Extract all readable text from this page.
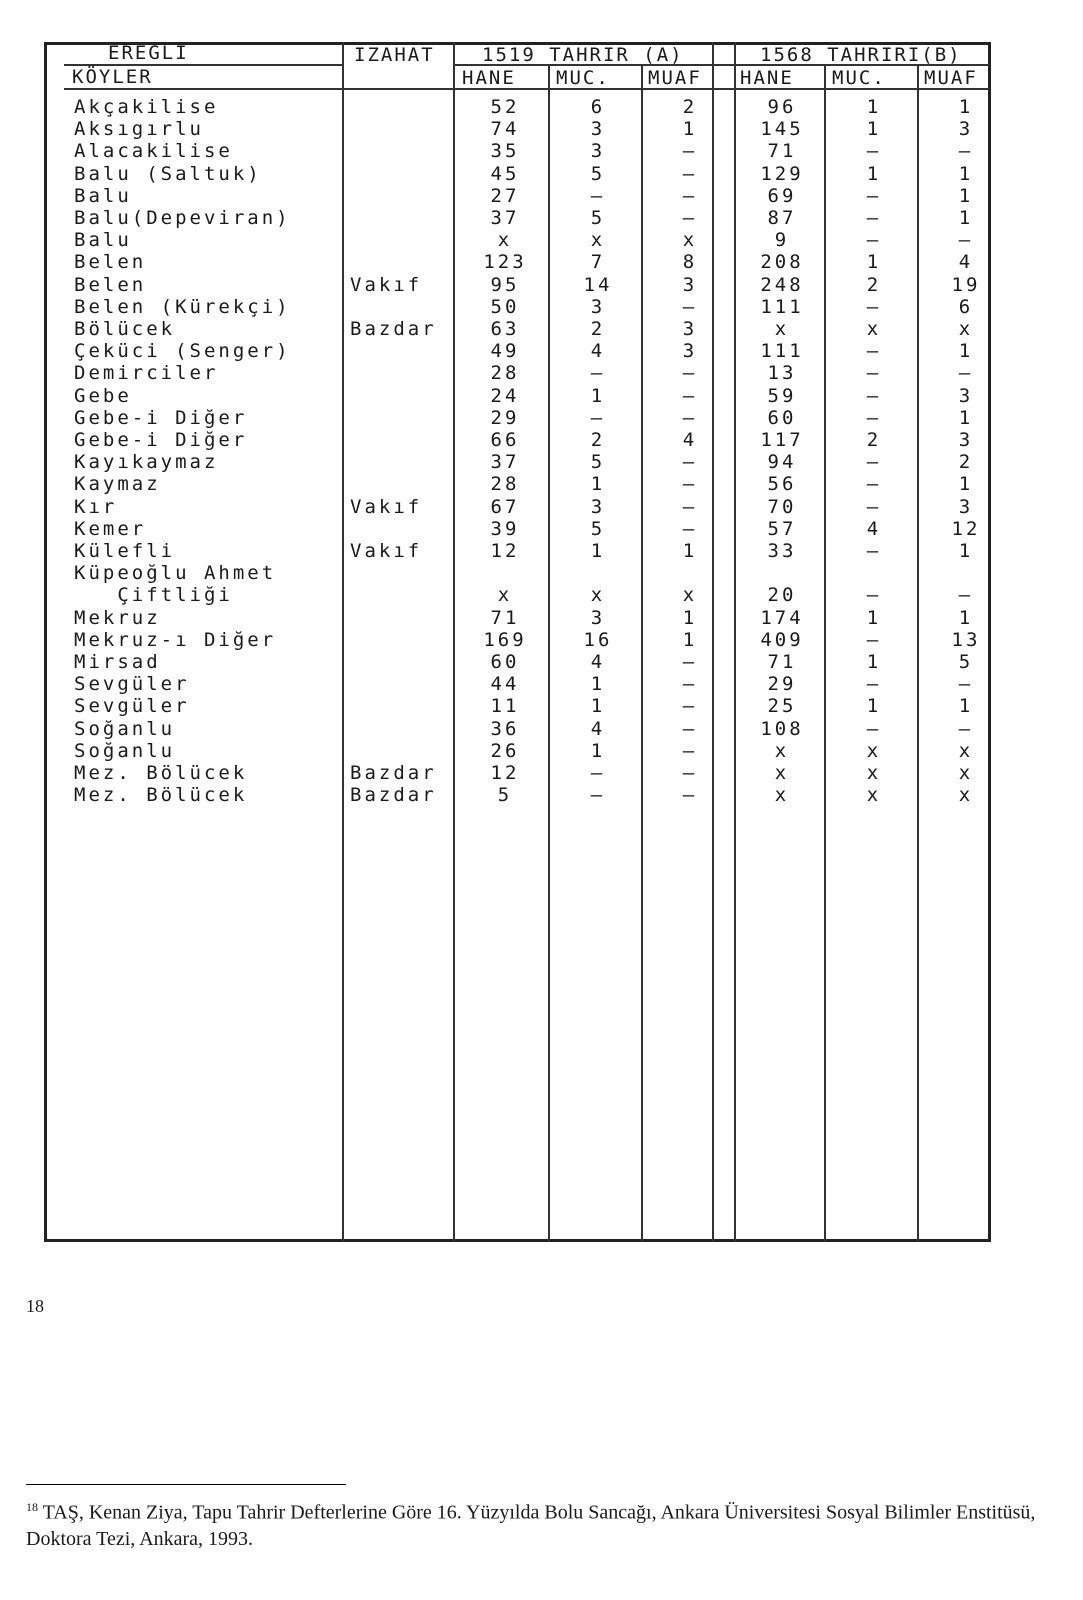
EREGLI
KÖYLER
IZAHAT 1519 TAHRIR (A)	1568 TAHRIRI(B)
HANE MUC. MUAF HANE MUC. MUAF
Akçakilise	52	6	2	96	1	1
Aksıgırlu	74	3	1	145	1	3
Alacakilise	35	3	–	71	–	–
Balu (Saltuk)	45	5	–	129	1	1
Balu	27	–	–	69	–	1
Balu(Depeviran)	37	5	–	87	–	1
Balu	x	x	x	9	–	–
Belen	123	7	8	208	1	4
Belen	Vakıf	95	14	3	248	2	19
Belen (Kürekçi)	50	3	–	111	–	6
Bölücek	Bazdar	63	2	3	x	x	x
Çeküci (Senger)	49	4	3	111	–	1
Demirciler	28	–	–	13	–	–
Gebe	24	1	–	59	–	3
Gebe-i Diğer	29	–	–	60	–	1
Gebe-i Diğer	66	2	4	117	2	3
Kayıkaymaz	37	5	–	94	–	2
Kaymaz	28	1	–	56	–	1
Kır	Vakıf	67	3	–	70	–	3
Kemer	39	5	–	57	4	12
Külefli	Vakıf	12	1	1	33	–	1
Küpeoğlu Ahmet
Çiftliği	x	x	x	20	–	–
Mekruz	71	3	1	174	1	1
Mekruz-ı Diğer	169	16	1	409	–	13
Mirsad	60	4	–	71	1	5
Sevgüler	44	1	–	29	–	–
Sevgüler	11	1	–	25	1	1
Soğanlu	36	4	–	108	–	–
Soğanlu	26	1	–	x	x	x
Mez. Bölücek	Bazdar	12	–	–	x	x	x
Mez. Bölücek	Bazdar	5	–	–	x	x	x
18
$^{18}$ TAŞ, Kenan Ziya, Tapu Tahrir Defterlerine Göre 16. Yüzyılda Bolu Sancağı, Ankara Üniversitesi Sosyal Bilimler Enstitüsü, Doktora Tezi, Ankara, 1993.
